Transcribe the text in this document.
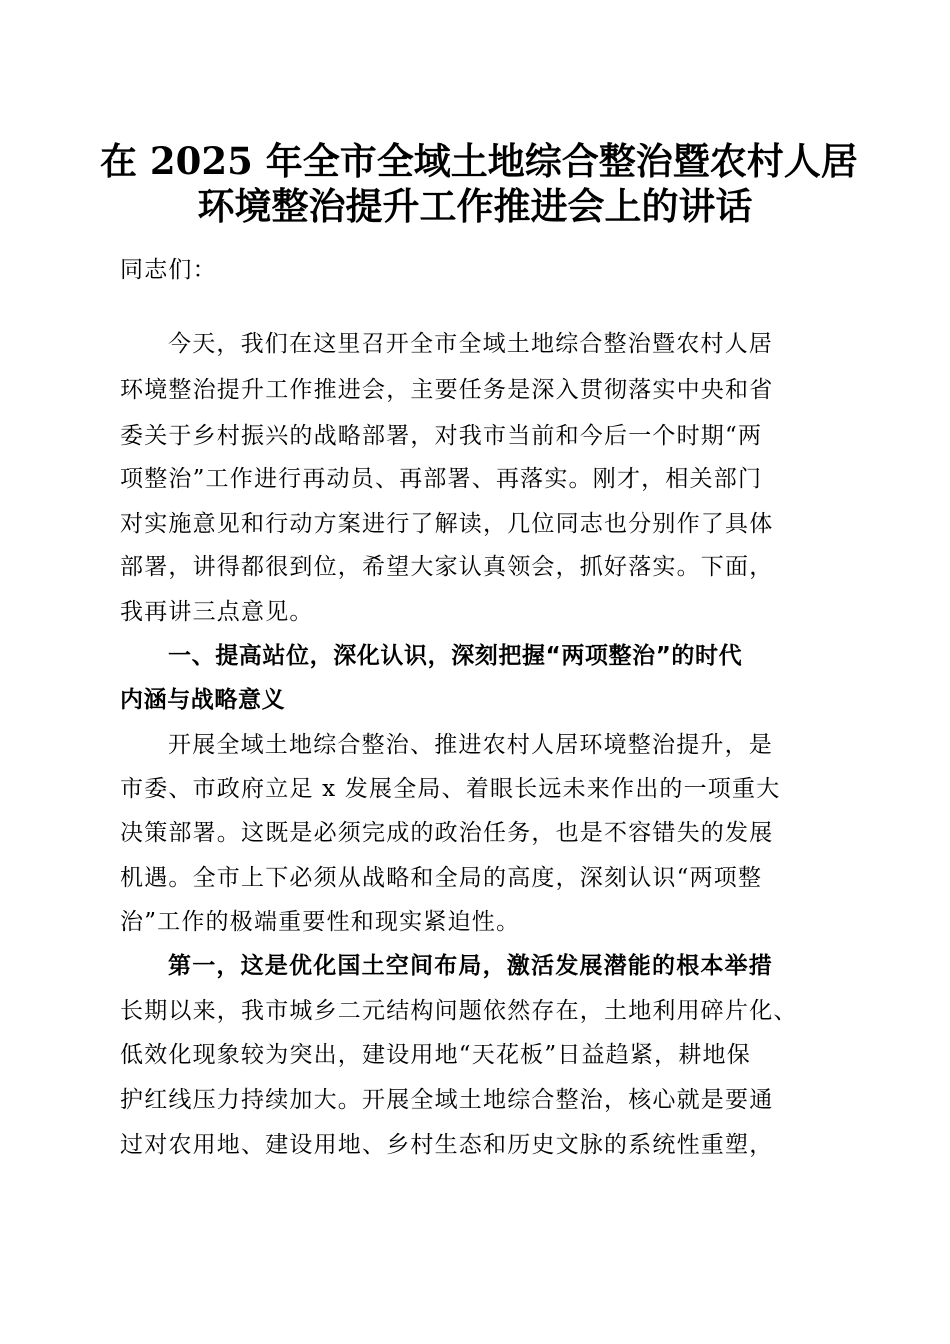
在 2025 年全市全域土地综合整治暨农村人居
环境整治提升工作推进会上的讲话

同志们：

今天，我们在这里召开全市全域土地综合整治暨农村人居

环境整治提升工作推进会，主要任务是深入贯彻落实中央和省

委关于乡村振兴的战略部署，对我市当前和今后一个时期“两

项整治”工作进行再动员、再部署、再落实。刚才，相关部门

对实施意见和行动方案进行了解读，几位同志也分别作了具体

部署，讲得都很到位，希望大家认真领会，抓好落实。下面，

我再讲三点意见。

一、提高站位，深化认识，深刻把握“两项整治”的时代

内涵与战略意义

开展全域土地综合整治、推进农村人居环境整治提升，是

市委、市政府立足 x 发展全局、着眼长远未来作出的一项重大

决策部署。这既是必须完成的政治任务，也是不容错失的发展

机遇。全市上下必须从战略和全局的高度，深刻认识“两项整

治”工作的极端重要性和现实紧迫性。

第一，这是优化国土空间布局，激活发展潜能的根本举措

长期以来，我市城乡二元结构问题依然存在，土地利用碎片化、

低效化现象较为突出，建设用地“天花板”日益趋紧，耕地保

护红线压力持续加大。开展全域土地综合整治，核心就是要通

过对农用地、建设用地、乡村生态和历史文脉的系统性重塑，
